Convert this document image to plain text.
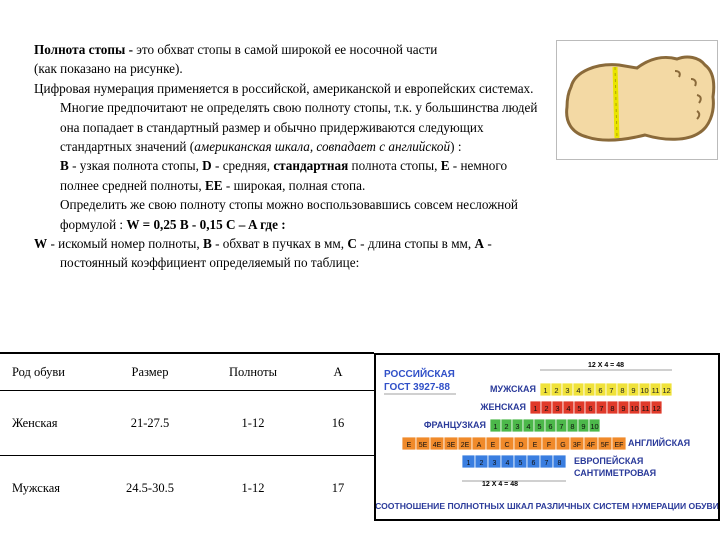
Полнота стопы - это обхват стопы в самой широкой ее носочной части

(как показано на рисунке).

Цифровая нумерация применяется в российской, американской и европейских системах.

Многие предпочитают не определять свою полноту стопы, т.к. у большинства людей она попадает в стандартный размер и обычно придерживаются следующих стандартных значений (американская шкала, совпадает с английской) :

B - узкая полнота стопы, D - средняя, стандартная полнота стопы, E - немного полнее средней полноты, EE - широкая, полная стопа.

Определить же свою полноту стопы можно воспользовавшись совсем несложной формулой : W = 0,25 B - 0,15 C – A где :

W - искомый номер полноты, B - обхват в пучках в мм, C - длина стопы в мм, A - постоянный коэффициент определяемый по таблице:

Род обуви	Размер	Полноты	А
Женская	21-27.5	1-12	16
Мужская	24.5-30.5	1-12	17
РОССИЙСКАЯ
ГОСТ 3927-88
12 X 4 = 48
МУЖСКАЯ
ЖЕНСКАЯ
ФРАНЦУЗКАЯ
АНГЛИЙСКАЯ
ЕВРОПЕЙСКАЯ
САНТИМЕТРОВАЯ
12 X 4 = 48
СООТНОШЕНИЕ ПОЛНОТНЫХ ШКАЛ РАЗЛИЧНЫХ СИСТЕМ НУМЕРАЦИИ ОБУВИ
1 2 3 4 5 6 7 8 9 10 11 12
1 2 3 4 5 6 7 8 9 10 11 12
1 2 3 4 5 6 7 8 9 10
E 5E 4E 3E 2E A E C D E F G 3F 4F 5F EF
1 2 3 4 5 6 7 8
